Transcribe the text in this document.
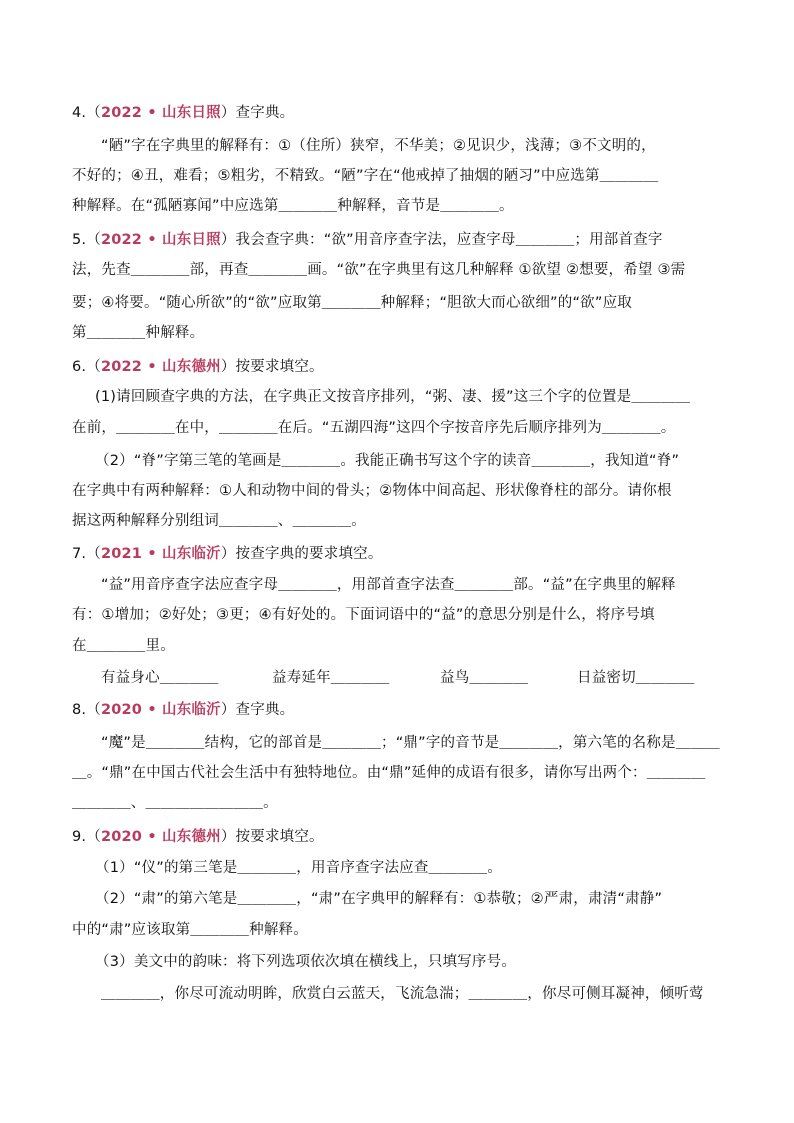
4.（2022 • 山东日照）查字典。
“陋”字在字典里的解释有：①（住所）狭窄，不华美；②见识少，浅薄；③不文明的，
不好的；④丑，难看；⑤粗劣，不精致。“陋”字在“他戒掉了抽烟的陋习”中应选第＿＿＿＿
种解释。在“孤陋寡闻”中应选第＿＿＿＿种解释，音节是＿＿＿＿。
5.（2022 • 山东日照）我会查字典：“欲”用音序查字法，应查字母＿＿＿＿；用部首查字
法，先查＿＿＿＿部，再查＿＿＿＿画。“欲”在字典里有这几种解释 ①欲望 ②想要，希望 ③需
要；④将要。“随心所欲”的“欲”应取第＿＿＿＿种解释；“胆欲大而心欲细”的“欲”应取
第＿＿＿＿种解释。
6.（2022 • 山东德州）按要求填空。
(1)请回顾查字典的方法，在字典正文按音序排列，“粥、凄、援”这三个字的位置是＿＿＿＿
在前，＿＿＿＿在中，＿＿＿＿在后。“五湖四海”这四个字按音序先后顺序排列为＿＿＿＿。
（2）“脊”字第三笔的笔画是＿＿＿＿。我能正确书写这个字的读音＿＿＿＿，我知道“脊”
在字典中有两种解释：①人和动物中间的骨头；②物体中间高起、形状像脊柱的部分。请你根
据这两种解释分别组词＿＿＿＿、＿＿＿＿。
7.（2021 • 山东临沂）按查字典的要求填空。
“益”用音序查字法应查字母＿＿＿＿，用部首查字法查＿＿＿＿部。“益”在字典里的解释
有：①增加；②好处；③更；④有好处的。下面词语中的“益”的意思分别是什么，将序号填
在＿＿＿＿里。
有益身心＿＿＿＿	益寿延年＿＿＿＿	益鸟＿＿＿＿	日益密切＿＿＿＿
8.（2020 • 山东临沂）查字典。
“魔”是＿＿＿＿结构，它的部首是＿＿＿＿；“鼎”字的音节是＿＿＿＿，第六笔的名称是＿＿＿
＿。“鼎”在中国古代社会生活中有独特地位。由“鼎”延伸的成语有很多，请你写出两个：＿＿＿＿
＿＿＿＿、＿＿＿＿＿＿＿＿。
9.（2020 • 山东德州）按要求填空。
（1）“仪”的第三笔是＿＿＿＿，用音序查字法应查＿＿＿＿。
（2）“肃”的第六笔是＿＿＿＿，“肃”在字典甲的解释有：①恭敬；②严肃，肃清“肃静”
中的“肃”应该取第＿＿＿＿种解释。
（3）美文中的韵味：将下列选项依次填在横线上，只填写序号。
＿＿＿＿，你尽可流动明眸，欣赏白云蓝天，飞流急湍；＿＿＿＿，你尽可侧耳凝神，倾听莺
